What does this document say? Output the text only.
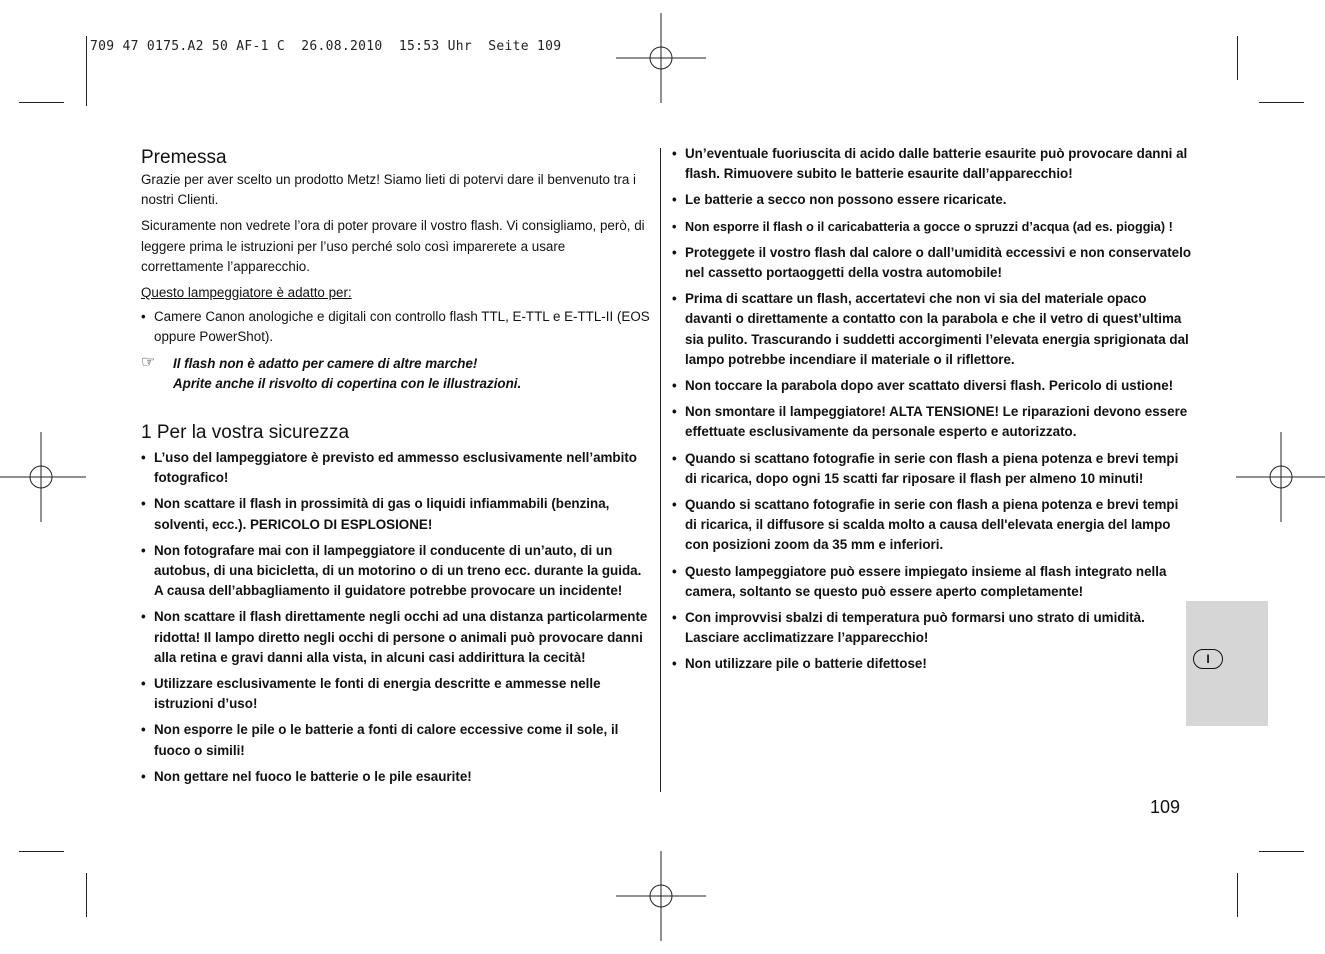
709 47 0175.A2 50 AF-1 C  26.08.2010  15:53 Uhr  Seite 109
Premessa

Grazie per aver scelto un prodotto Metz! Siamo lieti di potervi dare il benvenuto tra i nostri Clienti.

Sicuramente non vedrete l’ora di poter provare il vostro flash. Vi consigliamo, però, di leggere prima le istruzioni per l’uso perché solo così imparerete a usare correttamente l’apparecchio.

Questo lampeggiatore è adatto per:

• Camere Canon anologiche e digitali con controllo flash TTL, E-TTL e E-TTL-II (EOS oppure PowerShot).
☞ Il flash non è adatto per camere di altre marche!
Aprite anche il risvolto di copertina con le illustrazioni.
1 Per la vostra sicurezza
• L’uso del lampeggiatore è previsto ed ammesso esclusivamente nell’ambito fotografico!
• Non scattare il flash in prossimità di gas o liquidi infiammabili (benzina, solventi, ecc.). PERICOLO DI ESPLOSIONE!
• Non fotografare mai con il lampeggiatore il conducente di un’auto, di un autobus, di una bicicletta, di un motorino o di un treno ecc. durante la guida. A causa dell’abbagliamento il guidatore potrebbe provocare un incidente!
• Non scattare il flash direttamente negli occhi ad una distanza particolarmente ridotta! Il lampo diretto negli occhi di persone o animali può provocare danni alla retina e gravi danni alla vista, in alcuni casi addirittura la cecità!
• Utilizzare esclusivamente le fonti di energia descritte e ammesse nelle istruzioni d’uso!
• Non esporre le pile o le batterie a fonti di calore eccessive come il sole, il fuoco o simili!
• Non gettare nel fuoco le batterie o le pile esaurite!
• Un’eventuale fuoriuscita di acido dalle batterie esaurite può provocare danni al flash. Rimuovere subito le batterie esaurite dall’apparecchio!
• Le batterie a secco non possono essere ricaricate.
• Non esporre il flash o il caricabatteria a gocce o spruzzi d’acqua (ad es. pioggia) !
• Proteggete il vostro flash dal calore o dall’umidità eccessivi e non conservatelo nel cassetto portaoggetti della vostra automobile!
• Prima di scattare un flash, accertatevi che non vi sia del materiale opaco davanti o direttamente a contatto con la parabola e che il vetro di quest’ultima sia pulito. Trascurando i suddetti accorgimenti l’elevata energia sprigionata dal lampo potrebbe incendiare il materiale o il riflettore.
• Non toccare la parabola dopo aver scattato diversi flash. Pericolo di ustione!
• Non smontare il lampeggiatore! ALTA TENSIONE! Le riparazioni devono essere effettuate esclusivamente da personale esperto e autorizzato.
• Quando si scattano fotografie in serie con flash a piena potenza e brevi tempi di ricarica, dopo ogni 15 scatti far riposare il flash per almeno 10 minuti!
• Quando si scattano fotografie in serie con flash a piena potenza e brevi tempi di ricarica, il diffusore si scalda molto a causa dell'elevata energia del lampo con posizioni zoom da 35 mm e inferiori.
• Questo lampeggiatore può essere impiegato insieme al flash integrato nella camera, soltanto se questo può essere aperto completamente!
• Con improvvisi sbalzi di temperatura può formarsi uno strato di umidità. Lasciare acclimatizzare l’apparecchio!
• Non utilizzare pile o batterie difettose!	I
109
